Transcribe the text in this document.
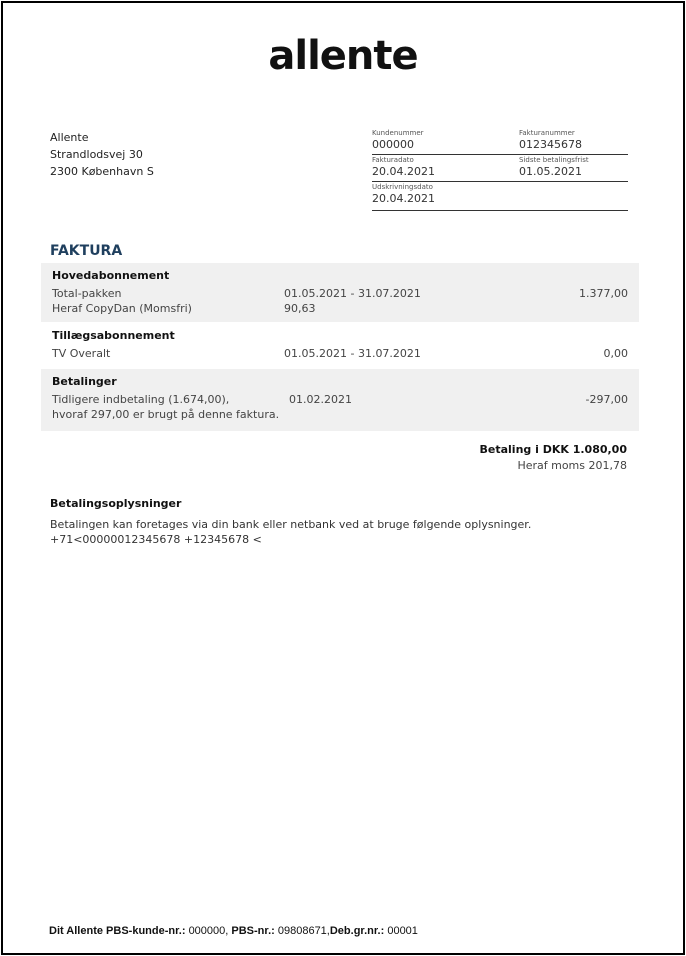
allente
Allente
Strandlodsvej 30
2300 København S
Kundenummer
000000
Fakturanummer
012345678
Fakturadato
20.04.2021
Sidste betalingsfrist
01.05.2021
Udskrivningsdato
20.04.2021
FAKTURA
Hovedabonnement
Total-pakken	01.05.2021 - 31.07.2021	1.377,00
Heraf CopyDan (Momsfri)	90,63
Tillægsabonnement
TV Overalt	01.05.2021 - 31.07.2021	0,00
Betalinger
Tidligere indbetaling (1.674,00),	01.02.2021	-297,00
hvoraf 297,00 er brugt på denne faktura.
Betaling i DKK 1.080,00
Heraf moms 201,78
Betalingsoplysninger
Betalingen kan foretages via din bank eller netbank ved at bruge følgende oplysninger.
+71<00000012345678 +12345678 <
Dit Allente PBS-kunde-nr.: 000000, PBS-nr.: 09808671,Deb.gr.nr.: 00001
